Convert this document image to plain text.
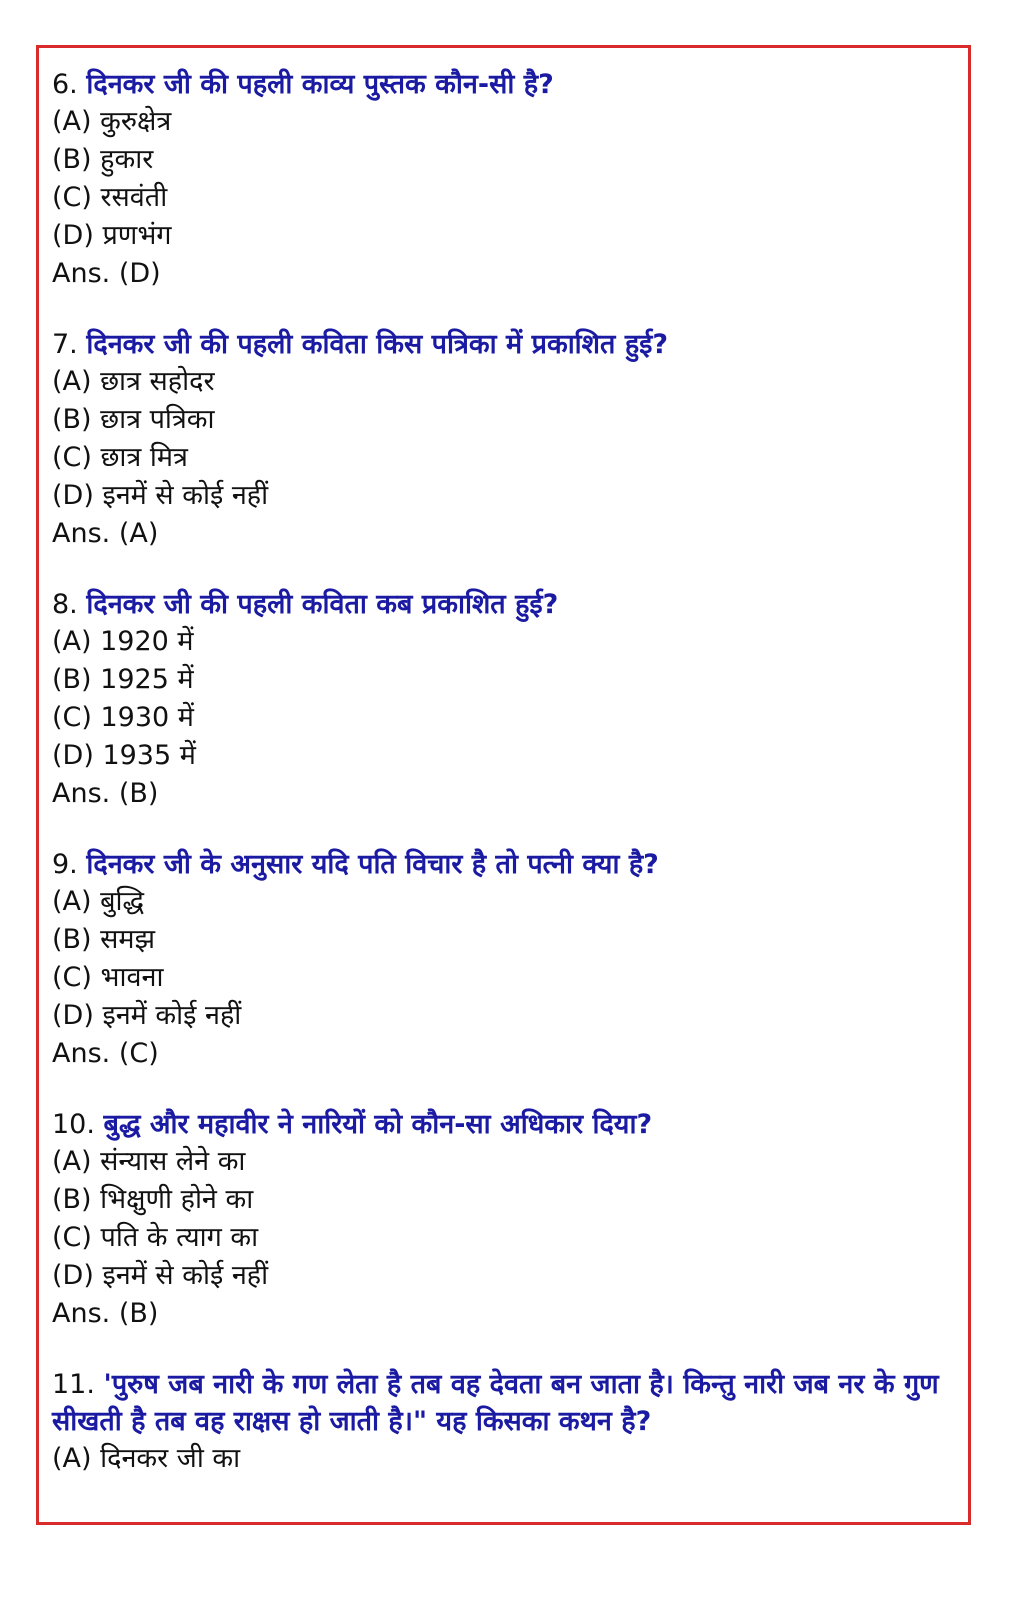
6. दिनकर जी की पहली काव्य पुस्तक कौन-सी है?

(A) कुरुक्षेत्र

(B) हुकार

(C) रसवंती

(D) प्रणभंग

Ans. (D)

7. दिनकर जी की पहली कविता किस पत्रिका में प्रकाशित हुई?

(A) छात्र सहोदर

(B) छात्र पत्रिका

(C) छात्र मित्र

(D) इनमें से कोई नहीं

Ans. (A)

8. दिनकर जी की पहली कविता कब प्रकाशित हुई?

(A) 1920 में

(B) 1925 में

(C) 1930 में

(D) 1935 में

Ans. (B)

9. दिनकर जी के अनुसार यदि पति विचार है तो पत्नी क्या है?

(A) बुद्धि

(B) समझ

(C) भावना

(D) इनमें कोई नहीं

Ans. (C)

10. बुद्ध और महावीर ने नारियों को कौन-सा अधिकार दिया?

(A) संन्यास लेने का

(B) भिक्षुणी होने का

(C) पति के त्याग का

(D) इनमें से कोई नहीं

Ans. (B)

11. 'पुरुष जब नारी के गण लेता है तब वह देवता बन जाता है। किन्तु नारी जब नर के गुण सीखती है तब वह राक्षस हो जाती है।" यह किसका कथन है?

(A) दिनकर जी का
